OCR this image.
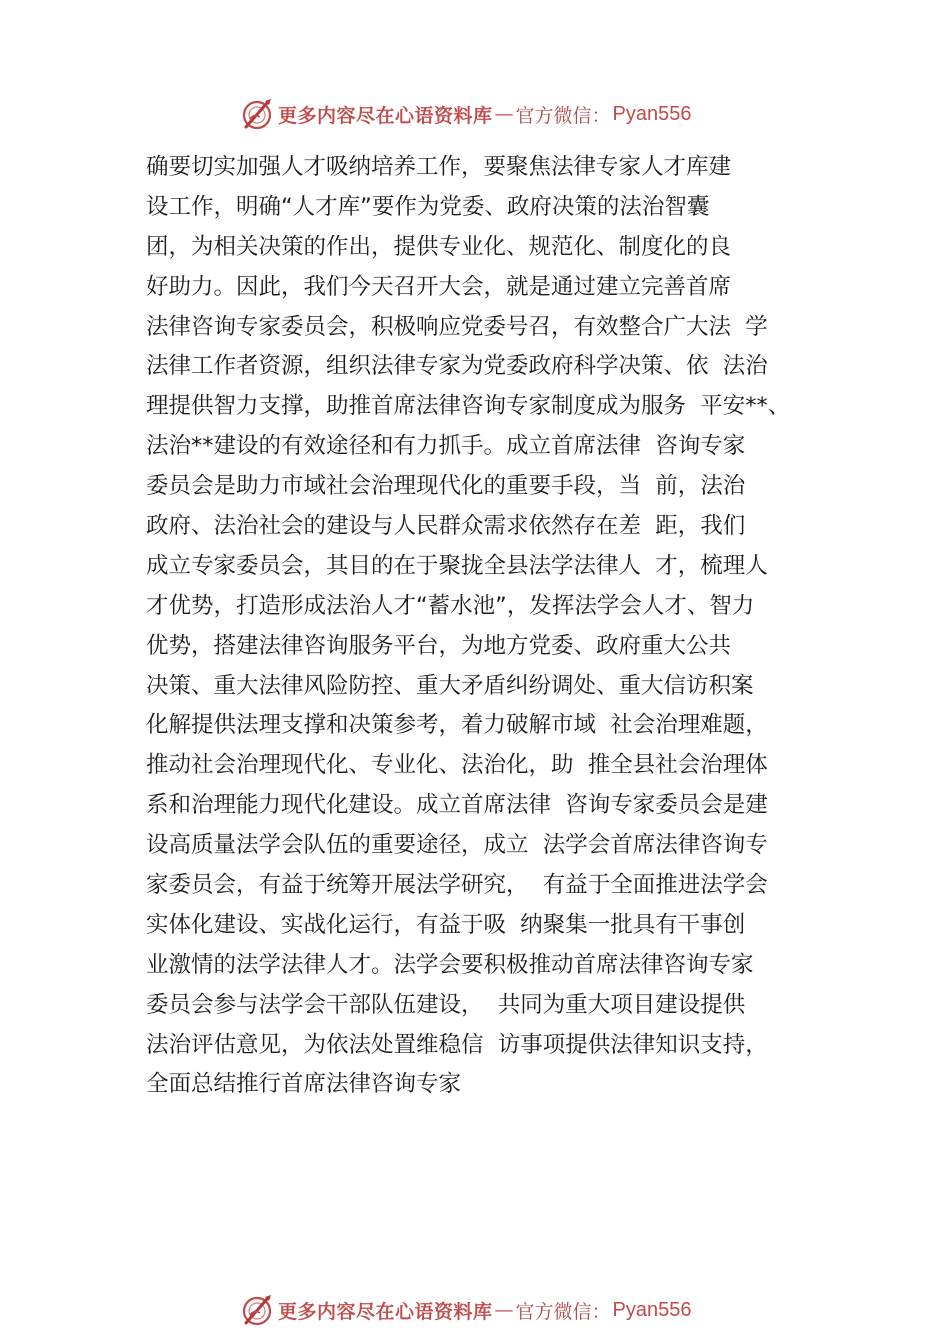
更多内容尽在心语资料库 — 官方微信： Pyan556
确要切实加强人才吸纳培养工作，要聚焦法律专家人才库建
设工作，明确“人才库”要作为党委、政府决策的法治智囊
团，为相关决策的作出，提供专业化、规范化、制度化的良
好助力。因此，我们今天召开大会，就是通过建立完善首席
法律咨询专家委员会，积极响应党委号召，有效整合广大法  学
法律工作者资源，组织法律专家为党委政府科学决策、依  法治
理提供智力支撑，助推首席法律咨询专家制度成为服务  平安**、
法治**建设的有效途径和有力抓手。成立首席法律  咨询专家
委员会是助力市域社会治理现代化的重要手段，当  前，法治
政府、法治社会的建设与人民群众需求依然存在差  距，我们
成立专家委员会，其目的在于聚拢全县法学法律人  才，梳理人
才优势，打造形成法治人才“蓄水池”，发挥法学会人才、智力
优势，搭建法律咨询服务平台，为地方党委、政府重大公共
决策、重大法律风险防控、重大矛盾纠纷调处、重大信访积案
化解提供法理支撑和决策参考，着力破解市域  社会治理难题，
推动社会治理现代化、专业化、法治化，助  推全县社会治理体
系和治理能力现代化建设。成立首席法律  咨询专家委员会是建
设高质量法学会队伍的重要途径，成立  法学会首席法律咨询专
家委员会，有益于统筹开展法学研究，  有益于全面推进法学会
实体化建设、实战化运行，有益于吸  纳聚集一批具有干事创
业激情的法学法律人才。法学会要积极推动首席法律咨询专家
委员会参与法学会干部队伍建设，  共同为重大项目建设提供
法治评估意见，为依法处置维稳信  访事项提供法律知识支持，
全面总结推行首席法律咨询专家
更多内容尽在心语资料库 — 官方微信： Pyan556
